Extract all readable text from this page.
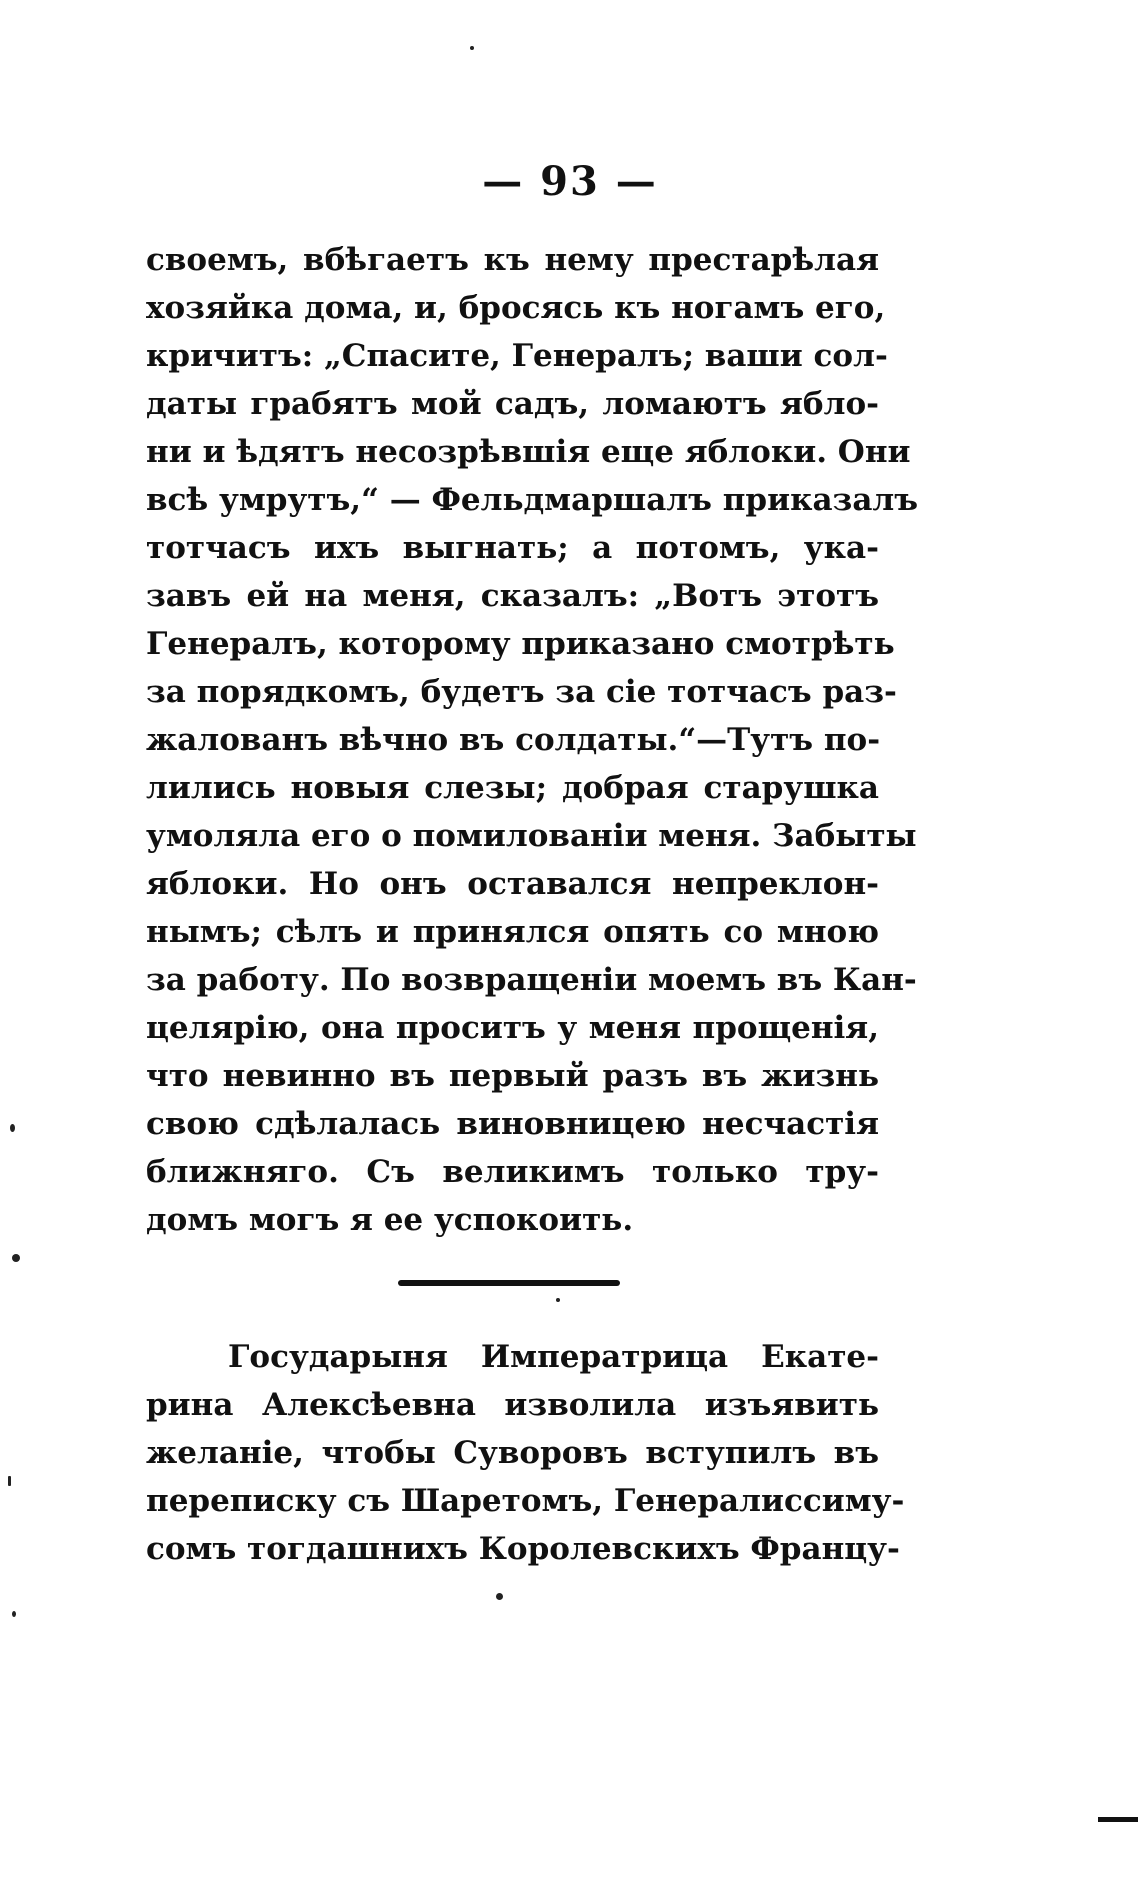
— 93 —
своемъ, вбѣгаетъ къ нему престарѣлая
хозяйка дома, и, бросясь къ ногамъ его,
кричитъ: „Спасите, Генералъ; ваши сол-
даты грабятъ мой садъ, ломаютъ ябло-
ни и ѣдятъ несозрѣвшія еще яблоки. Они
всѣ умрутъ,“ — Фельдмаршалъ приказалъ
тотчасъ ихъ выгнать; а потомъ, ука-
завъ ей на меня, сказалъ: „Вотъ этотъ
Генералъ, которому приказано смотрѣть
за порядкомъ, будетъ за сіе тотчасъ раз-
жалованъ вѣчно въ солдаты.“—Тутъ по-
лились новыя слезы; добрая старушка
умоляла его о помилованіи меня. Забыты
яблоки. Но онъ оставался непреклон-
нымъ; сѣлъ и принялся опять со мною
за работу. По возвращеніи моемъ въ Кан-
целярію, она проситъ у меня прощенія,
что невинно въ первый разъ въ жизнь
свою сдѣлалась виновницею несчастія
ближняго. Съ великимъ только тру-
домъ могъ я ее успокоить.
Государыня Императрица Екате-
рина Алексѣевна изволила изъявить
желаніе, чтобы Суворовъ вступилъ въ
переписку съ Шаретомъ, Генералиссиму-
сомъ тогдашнихъ Королевскихъ Францу-
